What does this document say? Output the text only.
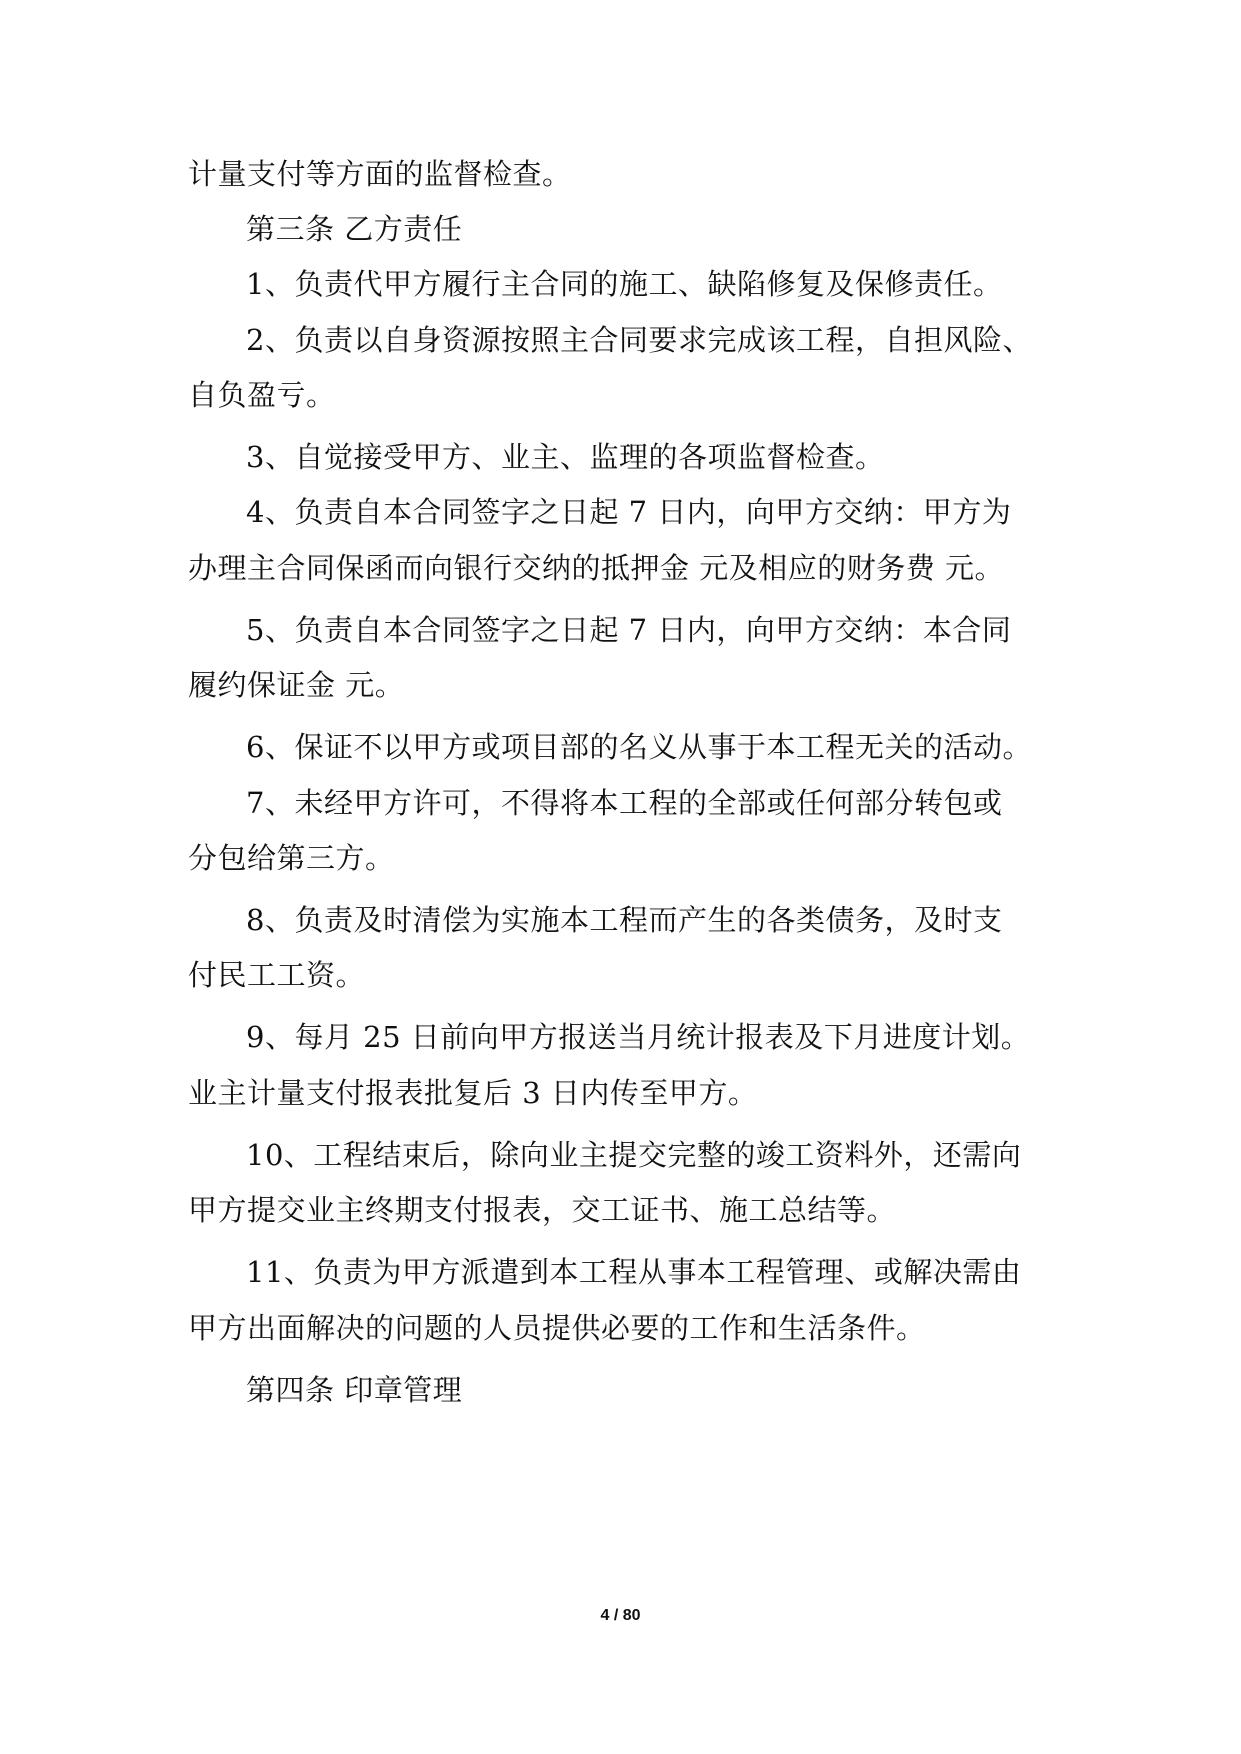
计量支付等方面的监督检查。
第三条 乙方责任
1、负责代甲方履行主合同的施工、缺陷修复及保修责任。
2、负责以自身资源按照主合同要求完成该工程，自担风险、
自负盈亏。
3、自觉接受甲方、业主、监理的各项监督检查。
4、负责自本合同签字之日起 7 日内，向甲方交纳：甲方为
办理主合同保函而向银行交纳的抵押金 元及相应的财务费 元。
5、负责自本合同签字之日起 7 日内，向甲方交纳：本合同
履约保证金 元。
6、保证不以甲方或项目部的名义从事于本工程无关的活动。
7、未经甲方许可，不得将本工程的全部或任何部分转包或
分包给第三方。
8、负责及时清偿为实施本工程而产生的各类债务，及时支
付民工工资。
9、每月 25 日前向甲方报送当月统计报表及下月进度计划。
业主计量支付报表批复后 3 日内传至甲方。
10、工程结束后，除向业主提交完整的竣工资料外，还需向
甲方提交业主终期支付报表，交工证书、施工总结等。
11、负责为甲方派遣到本工程从事本工程管理、或解决需由
甲方出面解决的问题的人员提供必要的工作和生活条件。
第四条 印章管理
4 / 80
